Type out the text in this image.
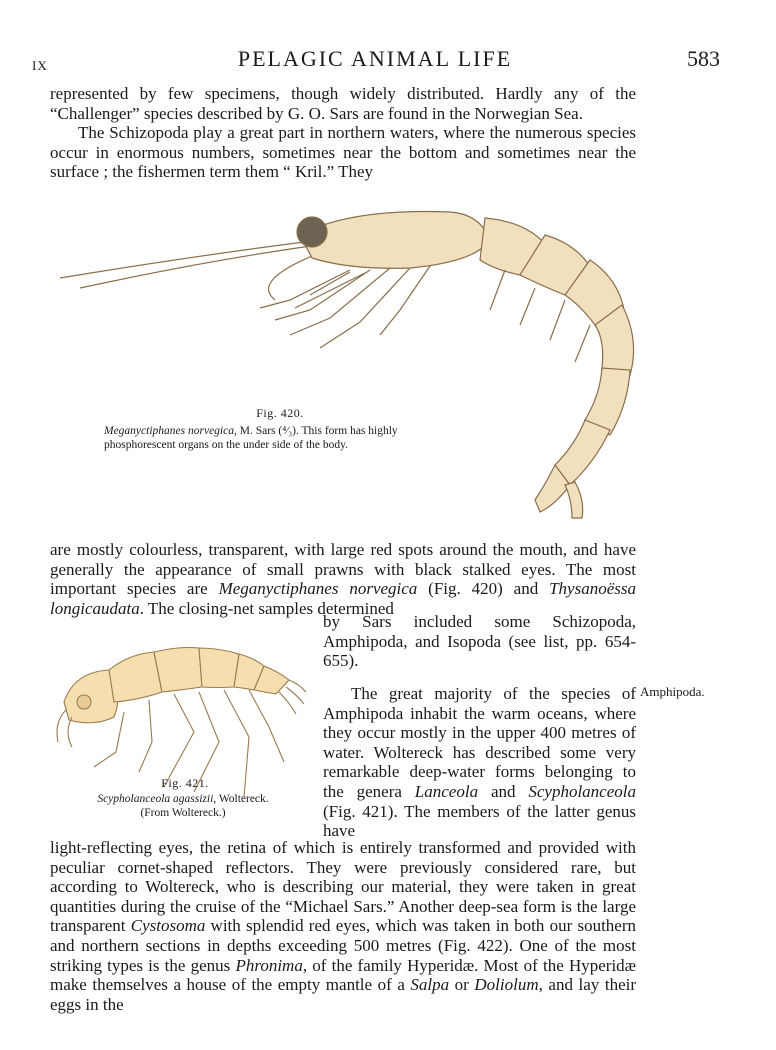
IX	PELAGIC ANIMAL LIFE	583

represented by few specimens, though widely distributed. Hardly any of the “Challenger” species described by G. O. Sars are found in the Norwegian Sea.

The Schizopoda play a great part in northern waters, where the numerous species occur in enormous numbers, sometimes near the bottom and sometimes near the surface ; the fishermen term them “ Kril.” They

Fig. 420.
Meganyctiphanes norvegica, M. Sars (⁴⁄₃). This form has highly phosphorescent organs on the under side of the body.

are mostly colourless, transparent, with large red spots around the mouth, and have generally the appearance of small prawns with black stalked eyes. The most important species are Meganyctiphanes norvegica (Fig. 420) and Thysanoëssa longicaudata. The closing-net samples determined

by Sars included some Schizopoda, Amphipoda, and Isopoda (see list, pp. 654-655).

Fig. 421.
Scypholanceola agassizii, Woltereck.
(From Woltereck.)
Amphipoda.

The great majority of the species of Amphipoda inhabit the warm oceans, where they occur mostly in the upper 400 metres of water. Woltereck has described some very remarkable deep-water forms belonging to the genera Lanceola and Scypholanceola (Fig. 421). The members of the latter genus have

light-reflecting eyes, the retina of which is entirely transformed and provided with peculiar cornet-shaped reflectors. They were previously considered rare, but according to Woltereck, who is describing our material, they were taken in great quantities during the cruise of the “Michael Sars.” Another deep-sea form is the large transparent Cystosoma with splendid red eyes, which was taken in both our southern and northern sections in depths exceeding 500 metres (Fig. 422). One of the most striking types is the genus Phronima, of the family Hyperidæ. Most of the Hyperidæ make themselves a house of the empty mantle of a Salpa or Doliolum, and lay their eggs in the
